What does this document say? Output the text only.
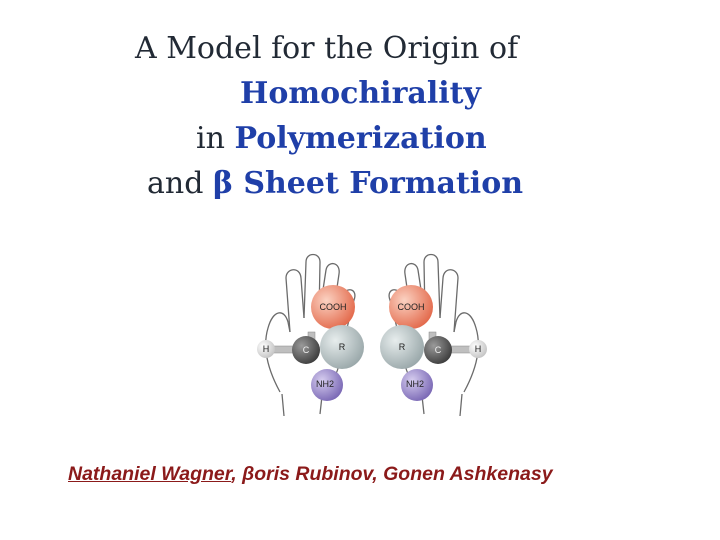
A Model for the Origin of
Homochirality
in Polymerization
and β Sheet Formation
H
COOH
NH2
C	R	H
COOH
NH2
C
R
Nathaniel Wagner, βoris Rubinov, Gonen Ashkenasy
